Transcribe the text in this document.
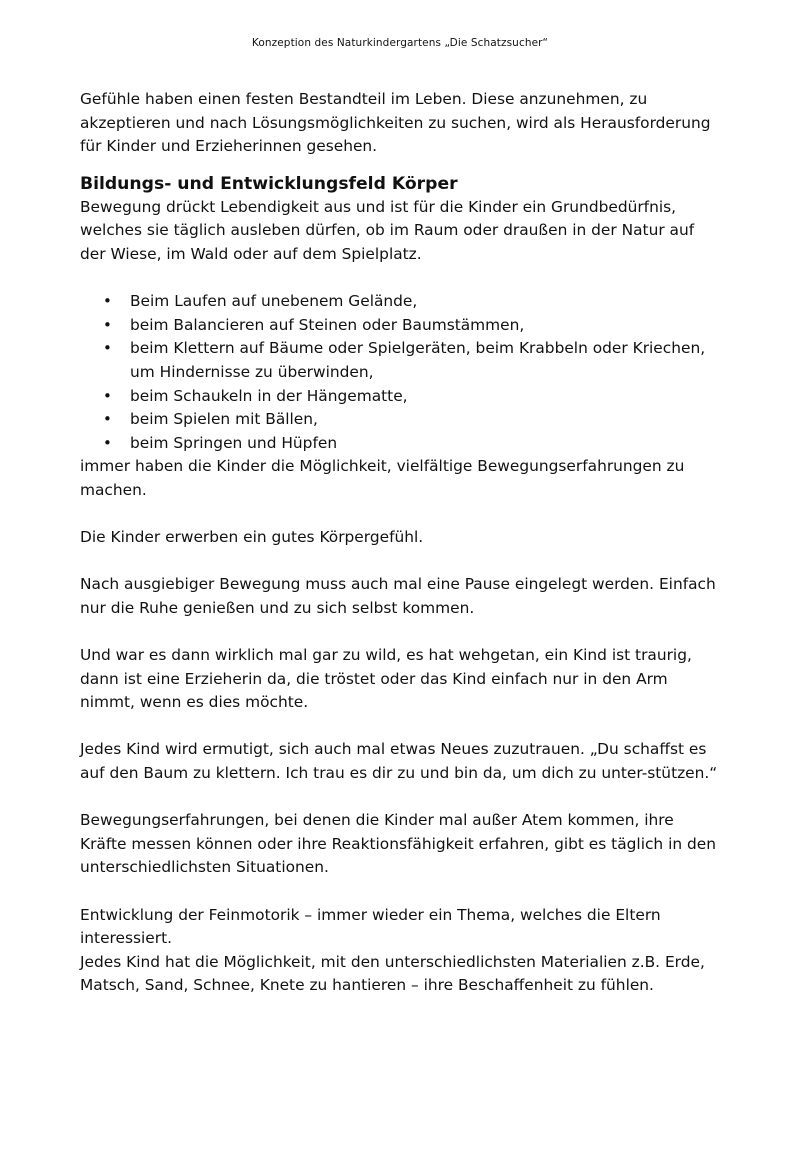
Konzeption des Naturkindergartens „Die Schatzsucher“

Gefühle haben einen festen Bestandteil im Leben. Diese anzunehmen, zu akzeptieren und nach Lösungsmöglichkeiten zu suchen, wird als Herausforderung für Kinder und Erzieherinnen gesehen.

Bildungs- und Entwicklungsfeld Körper

Bewegung drückt Lebendigkeit aus und ist für die Kinder ein Grundbedürfnis, welches sie täglich ausleben dürfen, ob im Raum oder draußen in der Natur auf der Wiese, im Wald oder auf dem Spielplatz.

• Beim Laufen auf unebenem Gelände,
• beim Balancieren auf Steinen oder Baumstämmen,
• beim Klettern auf Bäume oder Spielgeräten, beim Krabbeln oder Kriechen, um Hindernisse zu überwinden,
• beim Schaukeln in der Hängematte,
• beim Spielen mit Bällen,
• beim Springen und Hüpfen

immer haben die Kinder die Möglichkeit, vielfältige Bewegungserfahrungen zu machen.

Die Kinder erwerben ein gutes Körpergefühl.

Nach ausgiebiger Bewegung muss auch mal eine Pause eingelegt werden. Einfach nur die Ruhe genießen und zu sich selbst kommen.

Und war es dann wirklich mal gar zu wild, es hat wehgetan, ein Kind ist traurig, dann ist eine Erzieherin da, die tröstet oder das Kind einfach nur in den Arm nimmt, wenn es dies möchte.

Jedes Kind wird ermutigt, sich auch mal etwas Neues zuzutrauen. „Du schaffst es auf den Baum zu klettern. Ich trau es dir zu und bin da, um dich zu unter-stützen.“

Bewegungserfahrungen, bei denen die Kinder mal außer Atem kommen, ihre Kräfte messen können oder ihre Reaktionsfähigkeit erfahren, gibt es täglich in den unterschiedlichsten Situationen.

Entwicklung der Feinmotorik – immer wieder ein Thema, welches die Eltern interessiert.

Jedes Kind hat die Möglichkeit, mit den unterschiedlichsten Materialien z.B. Erde, Matsch, Sand, Schnee, Knete zu hantieren – ihre Beschaffenheit zu fühlen.
